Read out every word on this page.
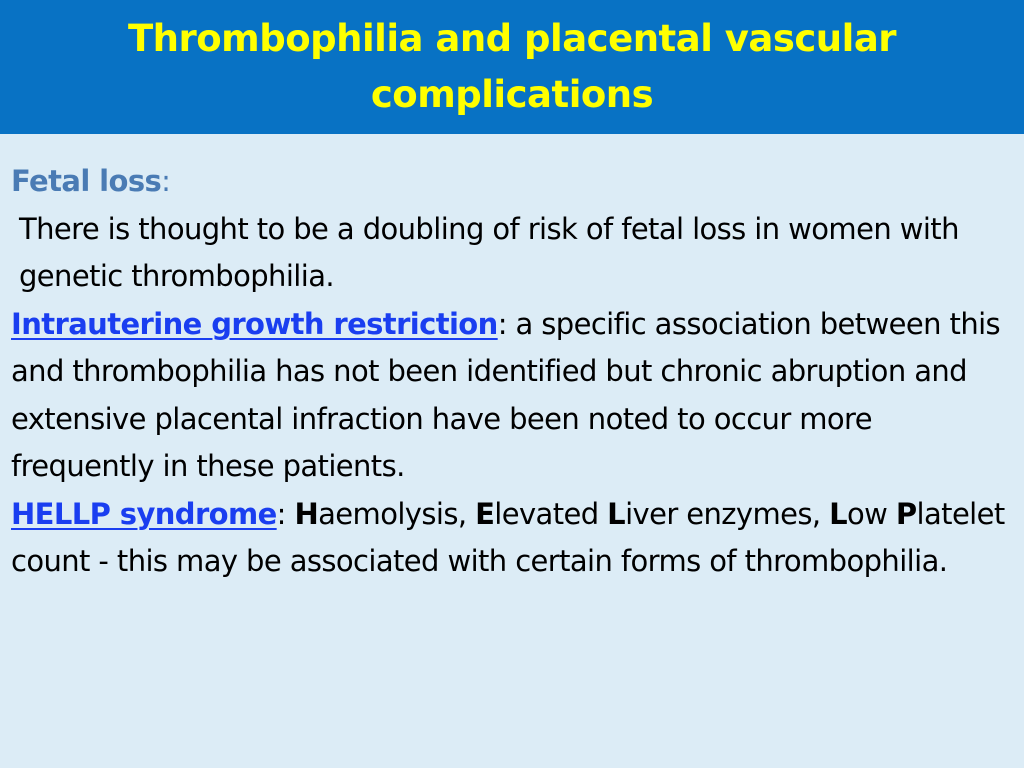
Thrombophilia and placental vascular complications

Fetal loss:

There is thought to be a doubling of risk of fetal loss in women with genetic thrombophilia.

Intrauterine growth restriction: a specific association between this and thrombophilia has not been identified but chronic abruption and extensive placental infraction have been noted to occur more frequently in these patients.

HELLP syndrome: Haemolysis, Elevated Liver enzymes, Low Platelet count - this may be associated with certain forms of thrombophilia.
